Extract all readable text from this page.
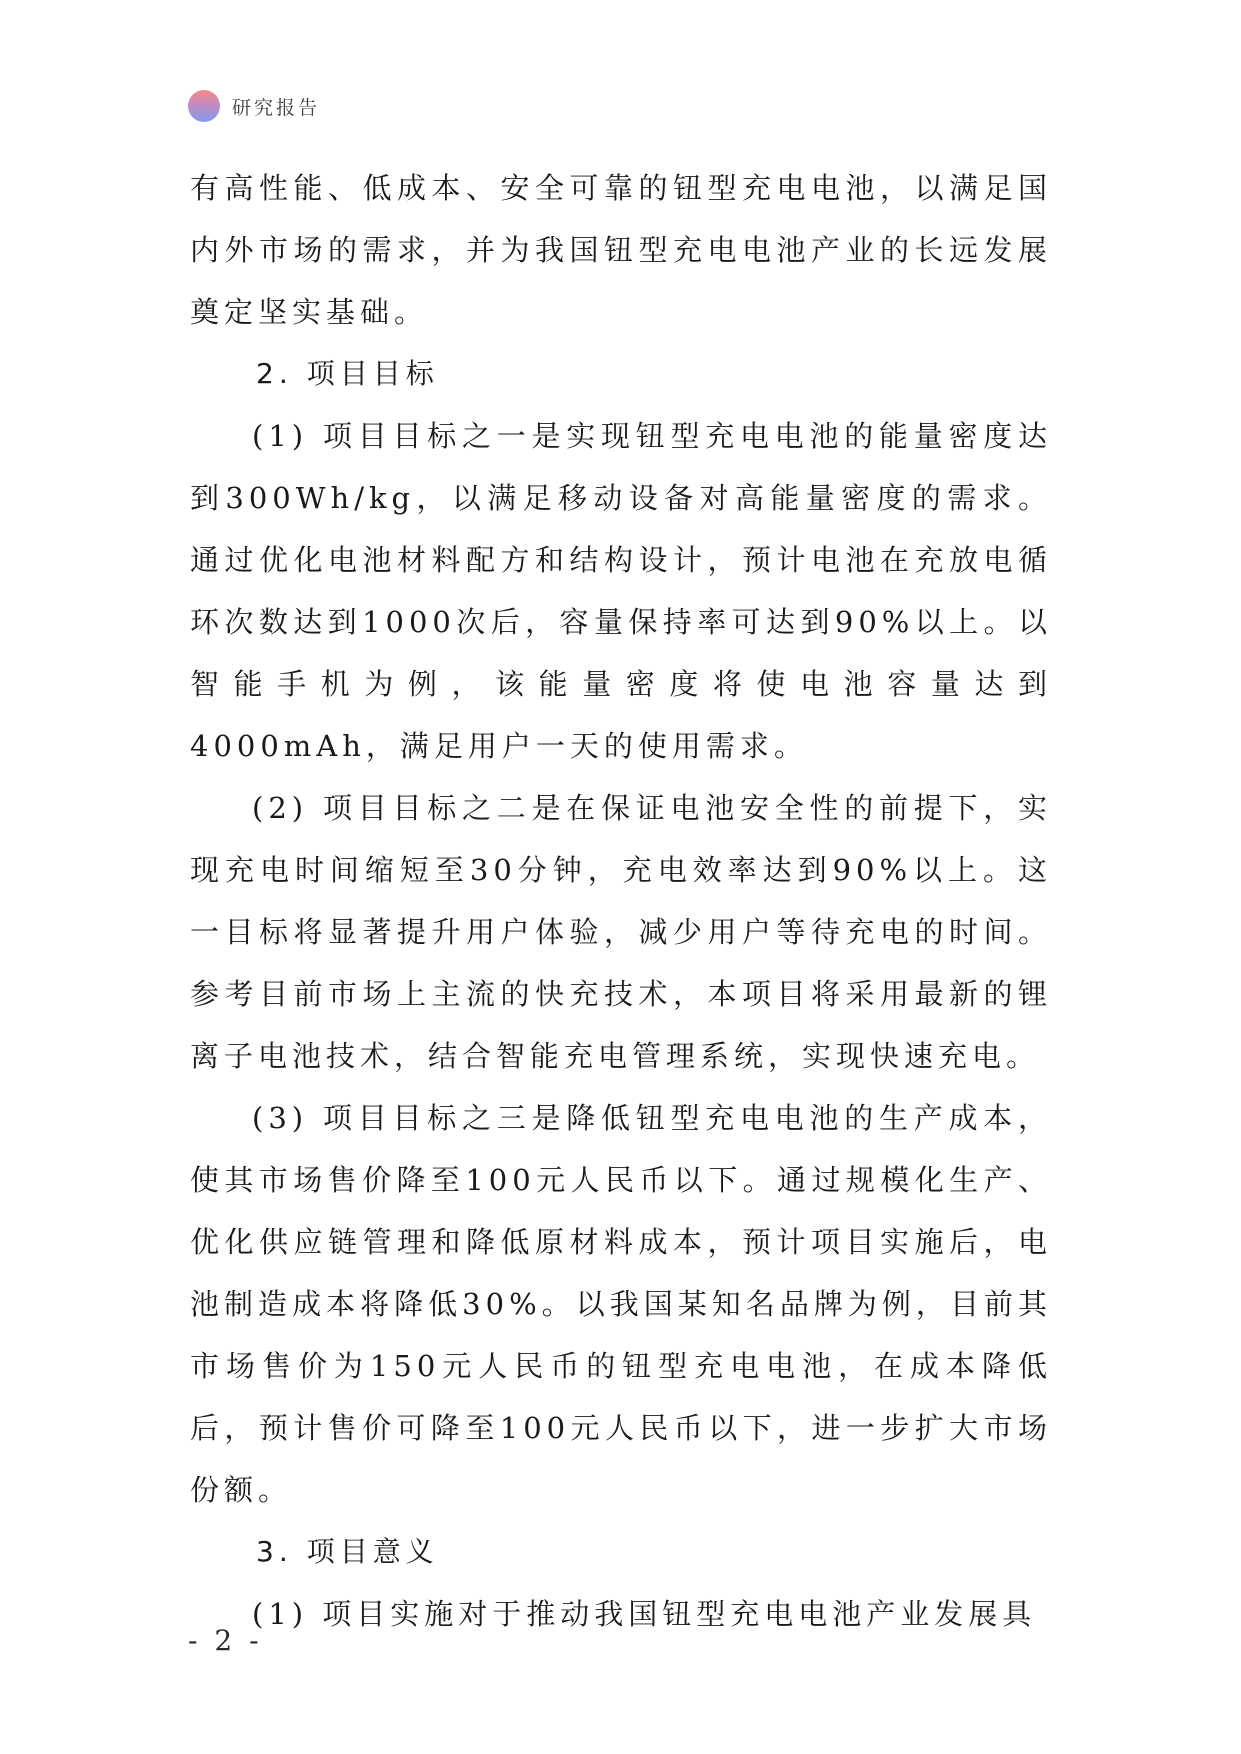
研究报告

有高性能、低成本、安全可靠的钮型充电电池，以满足国内外市场的需求，并为我国钮型充电电池产业的长远发展奠定坚实基础。

2. 项目目标

(1) 项目目标之一是实现钮型充电电池的能量密度达到300Wh/kg，以满足移动设备对高能量密度的需求。通过优化电池材料配方和结构设计，预计电池在充放电循环次数达到1000次后，容量保持率可达到90%以上。以智能手机为例，该能量密度将使电池容量达到4000mAh，满足用户一天的使用需求。

(2) 项目目标之二是在保证电池安全性的前提下，实现充电时间缩短至30分钟，充电效率达到90%以上。这一目标将显著提升用户体验，减少用户等待充电的时间。参考目前市场上主流的快充技术，本项目将采用最新的锂离子电池技术，结合智能充电管理系统，实现快速充电。

(3) 项目目标之三是降低钮型充电电池的生产成本，使其市场售价降至100元人民币以下。通过规模化生产、优化供应链管理和降低原材料成本，预计项目实施后，电池制造成本将降低30%。以我国某知名品牌为例，目前其市场售价为150元人民币的钮型充电电池，在成本降低后，预计售价可降至100元人民币以下，进一步扩大市场份额。

3. 项目意义

(1) 项目实施对于推动我国钮型充电电池产业发展具

- 2 -
